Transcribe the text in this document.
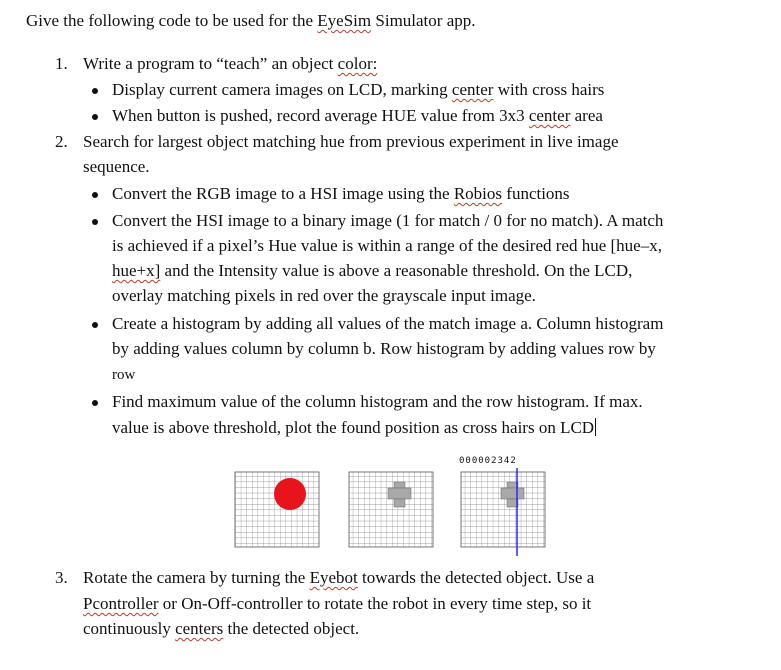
Give the following code to be used for the EyeSim Simulator app.
1. Write a program to “teach” an object color:
Display current camera images on LCD, marking center with cross hairs
When button is pushed, record average HUE value from 3x3 center area
2. Search for largest object matching hue from previous experiment in live image
sequence.
Convert the RGB image to a HSI image using the Robios functions
Convert the HSI image to a binary image (1 for match / 0 for no match). A match
is achieved if a pixel’s Hue value is within a range of the desired red hue [hue–x,
hue+x] and the Intensity value is above a reasonable threshold. On the LCD,
overlay matching pixels in red over the grayscale input image.
Create a histogram by adding all values of the match image a. Column histogram
by adding values column by column b. Row histogram by adding values row by
row
Find maximum value of the column histogram and the row histogram. If max.
value is above threshold, plot the found position as cross hairs on LCD
000002342
3. Rotate the camera by turning the Eyebot towards the detected object. Use a
Pcontroller or On-Off-controller to rotate the robot in every time step, so it
continuously centers the detected object.
